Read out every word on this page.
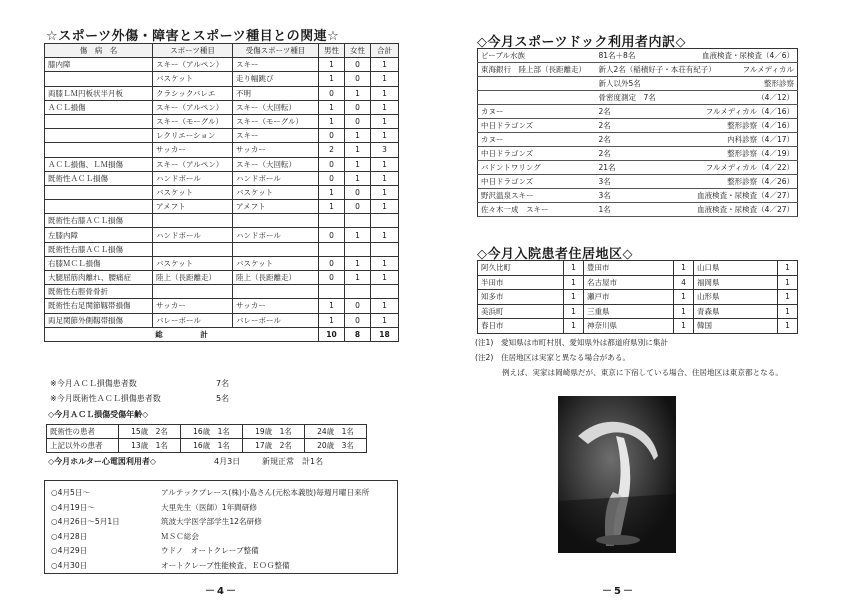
☆スポーツ外傷・障害とスポーツ種目との関連☆
傷　病　名	スポーツ種目	受傷スポーツ種目	男性	女性	合計
膝内障	スキー（アルペン）	スキー	1	0	1
	バスケット	走り幅跳び	1	0	1
両膝ＬＭ円板状半月板	クラシックバレエ	不明	0	1	1
ＡＣＬ損傷	スキー（アルペン）	スキー（大回転）	1	0	1
	スキー（モーグル）	スキー（モーグル）	1	0	1
	レクリエーション	スキー	0	1	1
	サッカー	サッカー	2	1	3
ＡＣＬ損傷、ＬＭ損傷	スキー（アルペン）	スキー（大回転）	0	1	1
既術性ＡＣＬ損傷	ハンドボール	ハンドボール	0	1	1
	バスケット	バスケット	1	0	1
	アメフト	アメフト	1	0	1
既術性右膝ＡＣＬ損傷					
左膝内障	ハンドボール	ハンドボール	0	1	1
既術性右膝ＡＣＬ損傷					
右膝ＭＣＬ損傷	バスケット	バスケット	0	1	1
大腿屈筋肉離れ、腰痛症	陸上（長距離走）	陸上（長距離走）	0	1	1
既術性右脛骨骨折					
既術性右足関節靱帯損傷	サッカー	サッカー	1	0	1
両足関節外側靱帯損傷	バレーボール	バレーボール	1	0	1
総　　　　　計			10	8	18
※今月ＡＣＬ損傷患者数	7名
※今月既術性ＡＣＬ損傷患者数	5名
◇今月ＡＣＬ損傷受傷年齢◇
既術性の患者	15歳　2名	16歳　1名	19歳　1名	24歳　1名
上記以外の患者	13歳　1名	16歳　1名	17歳　2名	20歳　3名
◇今月ホルター心電図利用者◇	4月3日	新規正常　計1名
○4月5日～	アルテックプレース(株)小島さん(元松本義肢)毎週月曜日来所
○4月19日～	大里先生（医師）1年間研修
○4月26日～5月1日	筑波大学医学部学生12名研修
○4月28日	ＭＳＣ総会
○4月29日	ウドノ　オートクレーブ整備
○4月30日	オートクレーブ性能検査、ＥＯＧ整備
－4－
◇今月スポーツドック利用者内訳◇
ビーブル水族	81名＋8名	血液検査・尿検査（4／6）
東海銀行　陸上部（長距離走）	新人2名（稲積好子・本荘有紀子）	フルメディカル
	新人以外5名	整形診察
	骨密度測定　7名	（4／12）
カヌー	2名	フルメディカル（4／16）
中日ドラゴンズ	2名	整形診察（4／16）
カヌー	2名	内科診察（4／17）
中日ドラゴンズ	2名	整形診察（4／19）
バドントワリング	21名	フルメディカル（4／22）
中日ドラゴンズ	3名	整形診察（4／26）
野沢温泉スキー	3名	血液検査・尿検査（4／27）
佐々木一成　スキー	1名	血液検査・尿検査（4／27）
◇今月入院患者住居地区◇
阿久比町	1	豊田市	1	山口県	1
半田市	1	名古屋市	4	福岡県	1
知多市	1	瀬戸市	1	山形県	1
美浜町	1	三重県	1	青森県	1
春日市	1	神奈川県	1	韓国	1
(注1)　愛知県は市町村別、愛知県外は都道府県別に集計
(注2)　住居地区は実家と異なる場合がある。
例えば、実家は岡崎県だが、東京に下宿している場合、住居地区は東京都となる。
－5－
